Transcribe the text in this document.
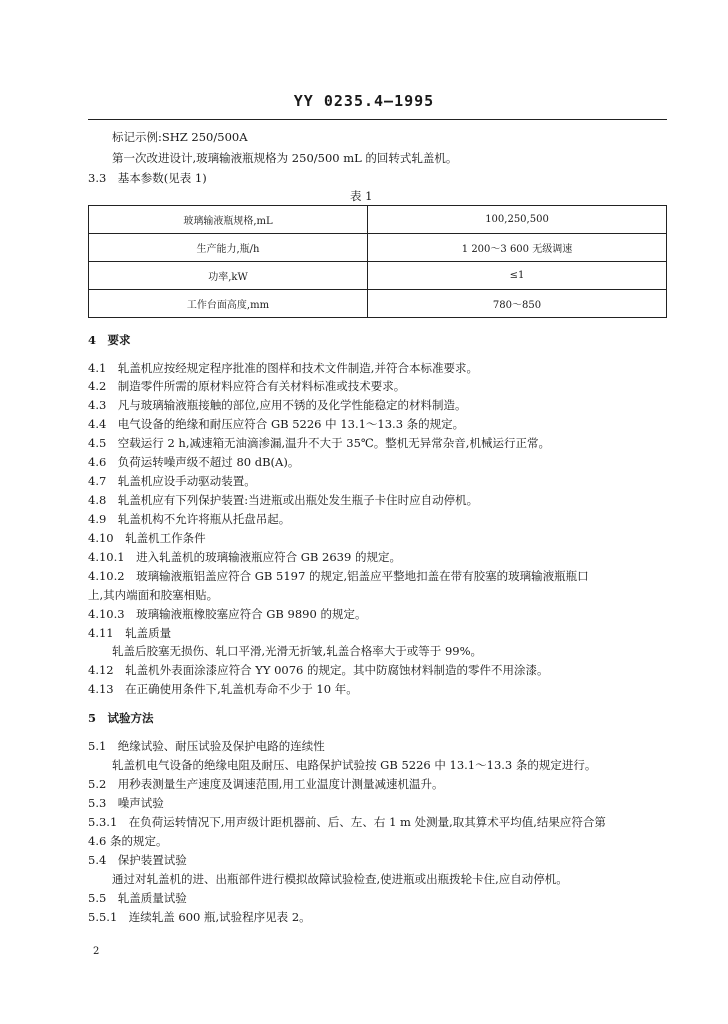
YY 0235.4—1995
标记示例:SHZ 250/500A
第一次改进设计,玻璃输液瓶规格为 250/500 mL 的回转式轧盖机。
3.3　基本参数(见表 1)
表 1
玻璃输液瓶规格,mL	100,250,500
生产能力,瓶/h	1 200～3 600 无级调速
功率,kW	≤1
工作台面高度,mm	780～850
4　要求
4.1　轧盖机应按经规定程序批准的图样和技术文件制造,并符合本标准要求。
4.2　制造零件所需的原材料应符合有关材料标准或技术要求。
4.3　凡与玻璃输液瓶接触的部位,应用不锈的及化学性能稳定的材料制造。
4.4　电气设备的绝缘和耐压应符合 GB 5226 中 13.1～13.3 条的规定。
4.5　空载运行 2 h,减速箱无油滴渗漏,温升不大于 35℃。整机无异常杂音,机械运行正常。
4.6　负荷运转噪声级不超过 80 dB(A)。
4.7　轧盖机应设手动驱动装置。
4.8　轧盖机应有下列保护装置:当进瓶或出瓶处发生瓶子卡住时应自动停机。
4.9　轧盖机构不允许将瓶从托盘吊起。
4.10　轧盖机工作条件
4.10.1　进入轧盖机的玻璃输液瓶应符合 GB 2639 的规定。
4.10.2　玻璃输液瓶铝盖应符合 GB 5197 的规定,铝盖应平整地扣盖在带有胶塞的玻璃输液瓶瓶口
上,其内端面和胶塞相贴。
4.10.3　玻璃输液瓶橡胶塞应符合 GB 9890 的规定。
4.11　轧盖质量
轧盖后胶塞无损伤、轧口平滑,光滑无折皱,轧盖合格率大于或等于 99%。
4.12　轧盖机外表面涂漆应符合 YY 0076 的规定。其中防腐蚀材料制造的零件不用涂漆。
4.13　在正确使用条件下,轧盖机寿命不少于 10 年。
5　试验方法
5.1　绝缘试验、耐压试验及保护电路的连续性
轧盖机电气设备的绝缘电阻及耐压、电路保护试验按 GB 5226 中 13.1～13.3 条的规定进行。
5.2　用秒表测量生产速度及调速范围,用工业温度计测量减速机温升。
5.3　噪声试验
5.3.1　在负荷运转情况下,用声级计距机器前、后、左、右 1 m 处测量,取其算术平均值,结果应符合第
4.6 条的规定。
5.4　保护装置试验
通过对轧盖机的进、出瓶部件进行模拟故障试验检查,使进瓶或出瓶拨轮卡住,应自动停机。
5.5　轧盖质量试验
5.5.1　连续轧盖 600 瓶,试验程序见表 2。
2
